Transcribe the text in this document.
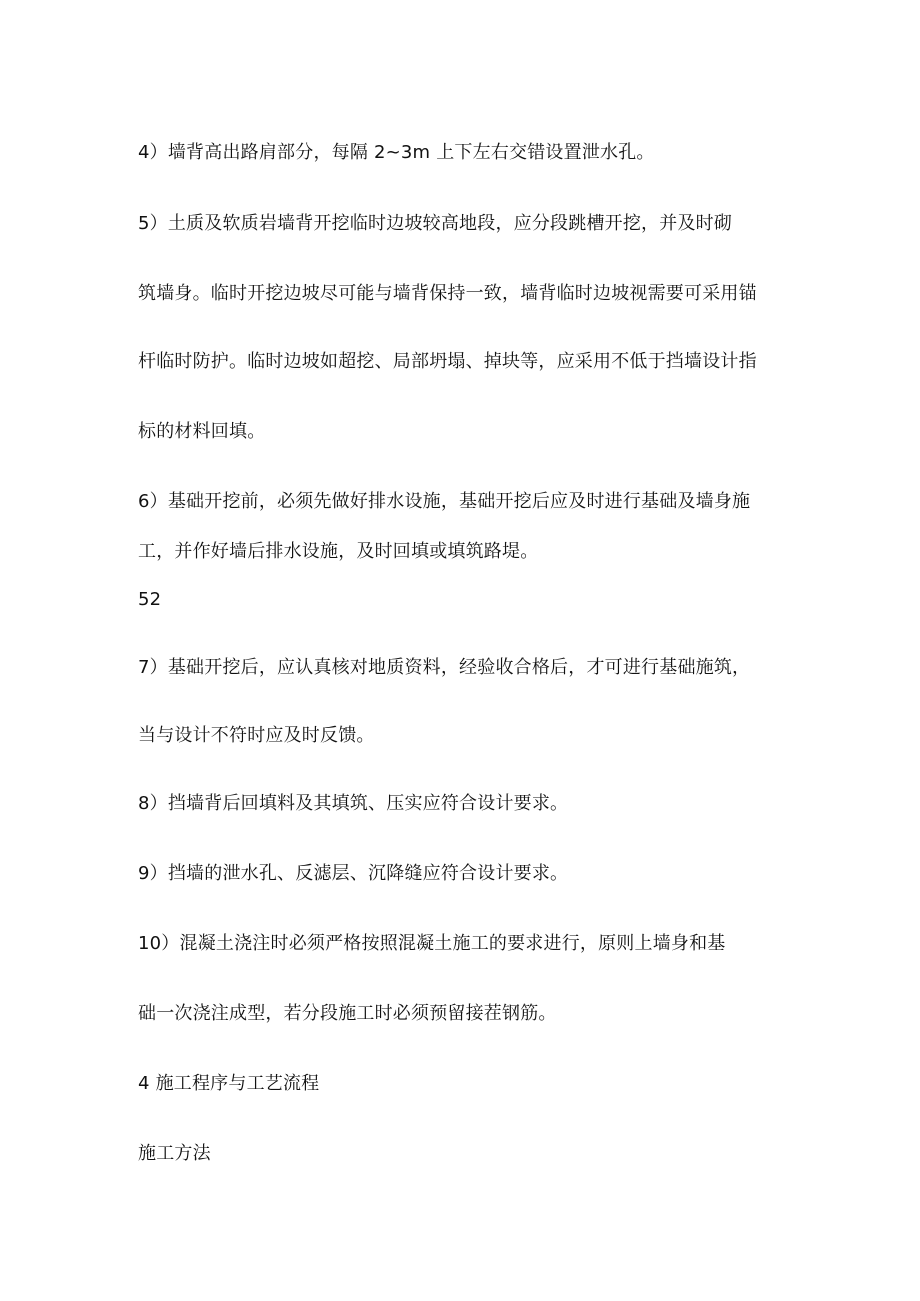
4）墙背高出路肩部分，每隔 2~3m 上下左右交错设置泄水孔。
5）土质及软质岩墙背开挖临时边坡较高地段，应分段跳槽开挖，并及时砌
筑墙身。临时开挖边坡尽可能与墙背保持一致，墙背临时边坡视需要可采用锚
杆临时防护。临时边坡如超挖、局部坍塌、掉块等，应采用不低于挡墙设计指
标的材料回填。
6）基础开挖前，必须先做好排水设施，基础开挖后应及时进行基础及墙身施
工，并作好墙后排水设施，及时回填或填筑路堤。
52
7）基础开挖后，应认真核对地质资料，经验收合格后，才可进行基础施筑，
当与设计不符时应及时反馈。
8）挡墙背后回填料及其填筑、压实应符合设计要求。
9）挡墙的泄水孔、反滤层、沉降缝应符合设计要求。
10）混凝土浇注时必须严格按照混凝土施工的要求进行，原则上墙身和基
础一次浇注成型，若分段施工时必须预留接茬钢筋。
4 施工程序与工艺流程
施工方法
